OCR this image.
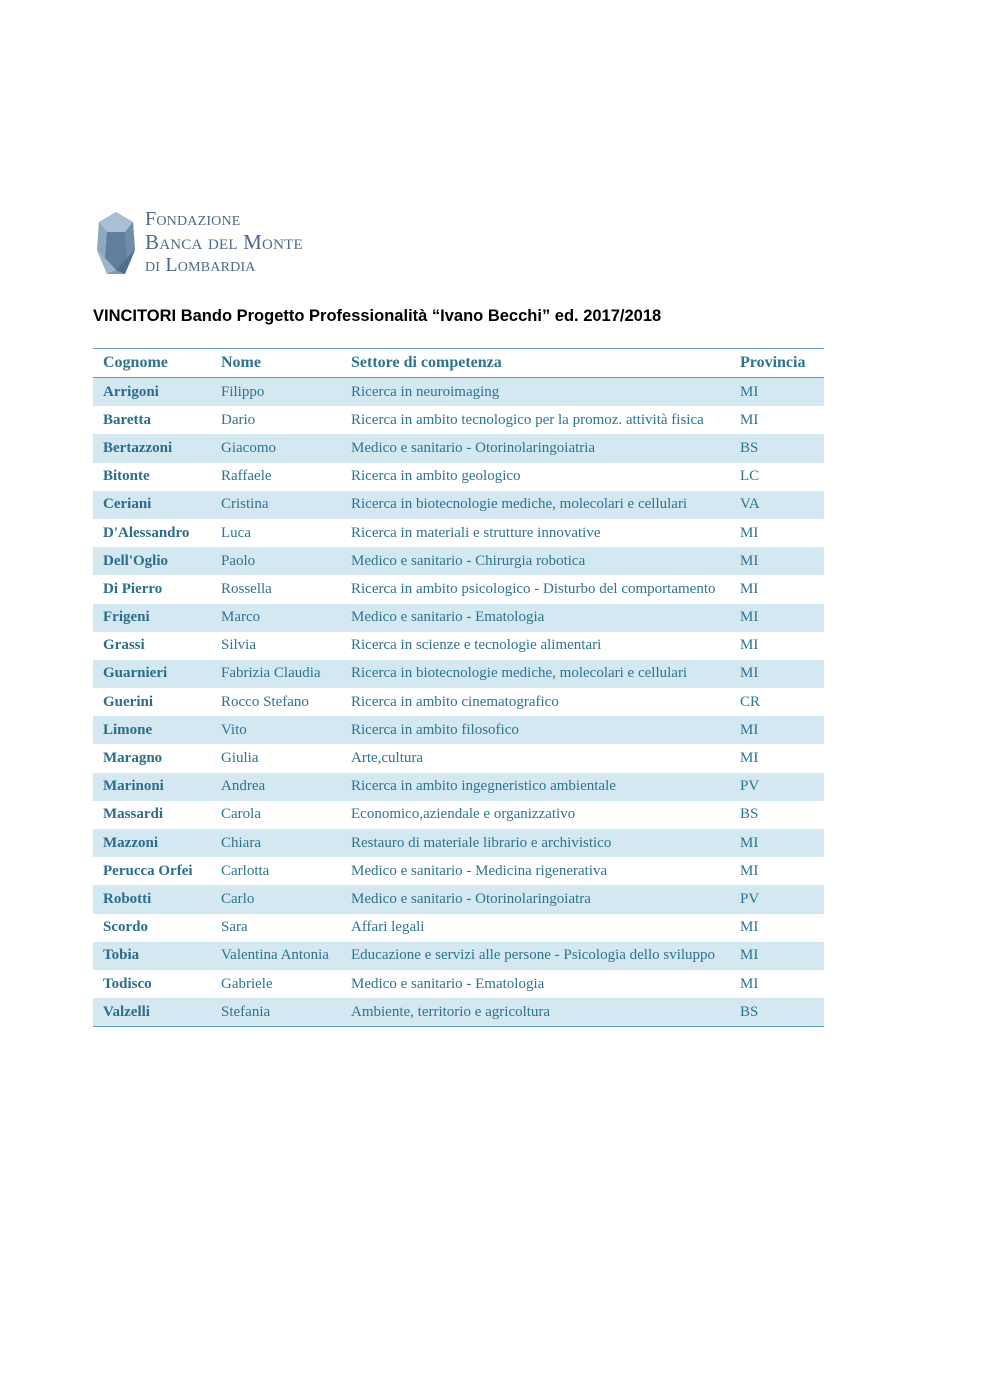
Fondazione
Banca del Monte
di Lombardia
VINCITORI Bando Progetto Professionalità “Ivano Becchi” ed. 2017/2018
Cognome	Nome	Settore di competenza	Provincia
Arrigoni	Filippo	Ricerca in neuroimaging	MI
Baretta	Dario	Ricerca in ambito tecnologico per la promoz. attività fisica	MI
Bertazzoni	Giacomo	Medico e sanitario - Otorinolaringoiatria	BS
Bitonte	Raffaele	Ricerca in ambito geologico	LC
Ceriani	Cristina	Ricerca in biotecnologie mediche, molecolari e cellulari	VA
D'Alessandro	Luca	Ricerca in materiali e strutture innovative	MI
Dell'Oglio	Paolo	Medico e sanitario - Chirurgia robotica	MI
Di Pierro	Rossella	Ricerca in ambito psicologico - Disturbo del comportamento	MI
Frigeni	Marco	Medico e sanitario - Ematologia	MI
Grassi	Silvia	Ricerca in scienze e tecnologie alimentari	MI
Guarnieri	Fabrizia Claudia	Ricerca in biotecnologie mediche, molecolari e cellulari	MI
Guerini	Rocco Stefano	Ricerca in ambito cinematografico	CR
Limone	Vito	Ricerca in ambito filosofico	MI
Maragno	Giulia	Arte,cultura	MI
Marinoni	Andrea	Ricerca in ambito ingegneristico ambientale	PV
Massardi	Carola	Economico,aziendale e organizzativo	BS
Mazzoni	Chiara	Restauro di materiale librario e archivistico	MI
Perucca Orfei	Carlotta	Medico e sanitario - Medicina rigenerativa	MI
Robotti	Carlo	Medico e sanitario - Otorinolaringoiatra	PV
Scordo	Sara	Affari legali	MI
Tobia	Valentina Antonia	Educazione e servizi alle persone - Psicologia dello sviluppo	MI
Todisco	Gabriele	Medico e sanitario - Ematologia	MI
Valzelli	Stefania	Ambiente, territorio e agricoltura	BS
